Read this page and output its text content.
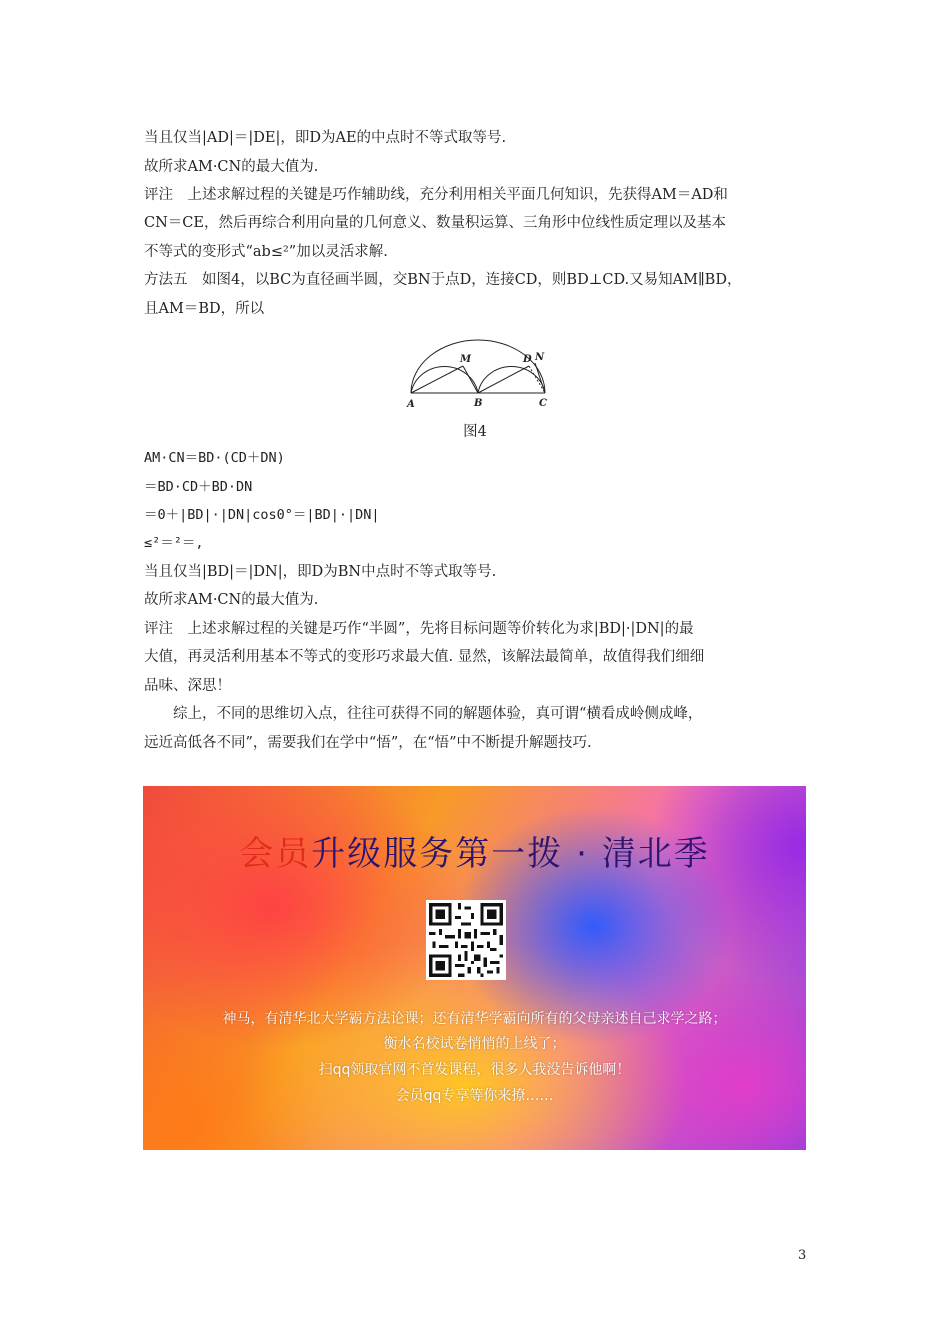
当且仅当|AD|＝|DE|，即D为AE的中点时不等式取等号.
故所求AM·CN的最大值为.
评注　上述求解过程的关键是巧作辅助线，充分利用相关平面几何知识，先获得AM＝AD和
CN＝CE，然后再综合利用向量的几何意义、数量积运算、三角形中位线性质定理以及基本
不等式的变形式“ab≤²”加以灵活求解.
方法五　如图4，以BC为直径画半圆，交BN于点D，连接CD，则BD⊥CD.又易知AM∥BD，
且AM＝BD，所以
A	B	C
M	D N
图4
AM·CN＝BD·(CD＋DN)
＝BD·CD＋BD·DN
＝0＋|BD|·|DN|cos0°＝|BD|·|DN|
≤²＝²＝,
当且仅当|BD|＝|DN|，即D为BN中点时不等式取等号.
故所求AM·CN的最大值为.
评注　上述求解过程的关键是巧作“半圆”，先将目标问题等价转化为求|BD|·|DN|的最
大值，再灵活利用基本不等式的变形巧求最大值. 显然，该解法最简单，故值得我们细细
品味、深思！
　　综上，不同的思维切入点，往往可获得不同的解题体验，真可谓“横看成岭侧成峰，
远近高低各不同”，需要我们在学中“悟”，在“悟”中不断提升解题技巧.
会员升级服务第一拨 · 清北季
神马，有清华北大学霸方法论课；还有清华学霸向所有的父母亲述自己求学之路；
衡水名校试卷悄悄的上线了；
扫qq领取官网不首发课程，很多人我没告诉他啊！
会员qq专享等你来撩……
3
